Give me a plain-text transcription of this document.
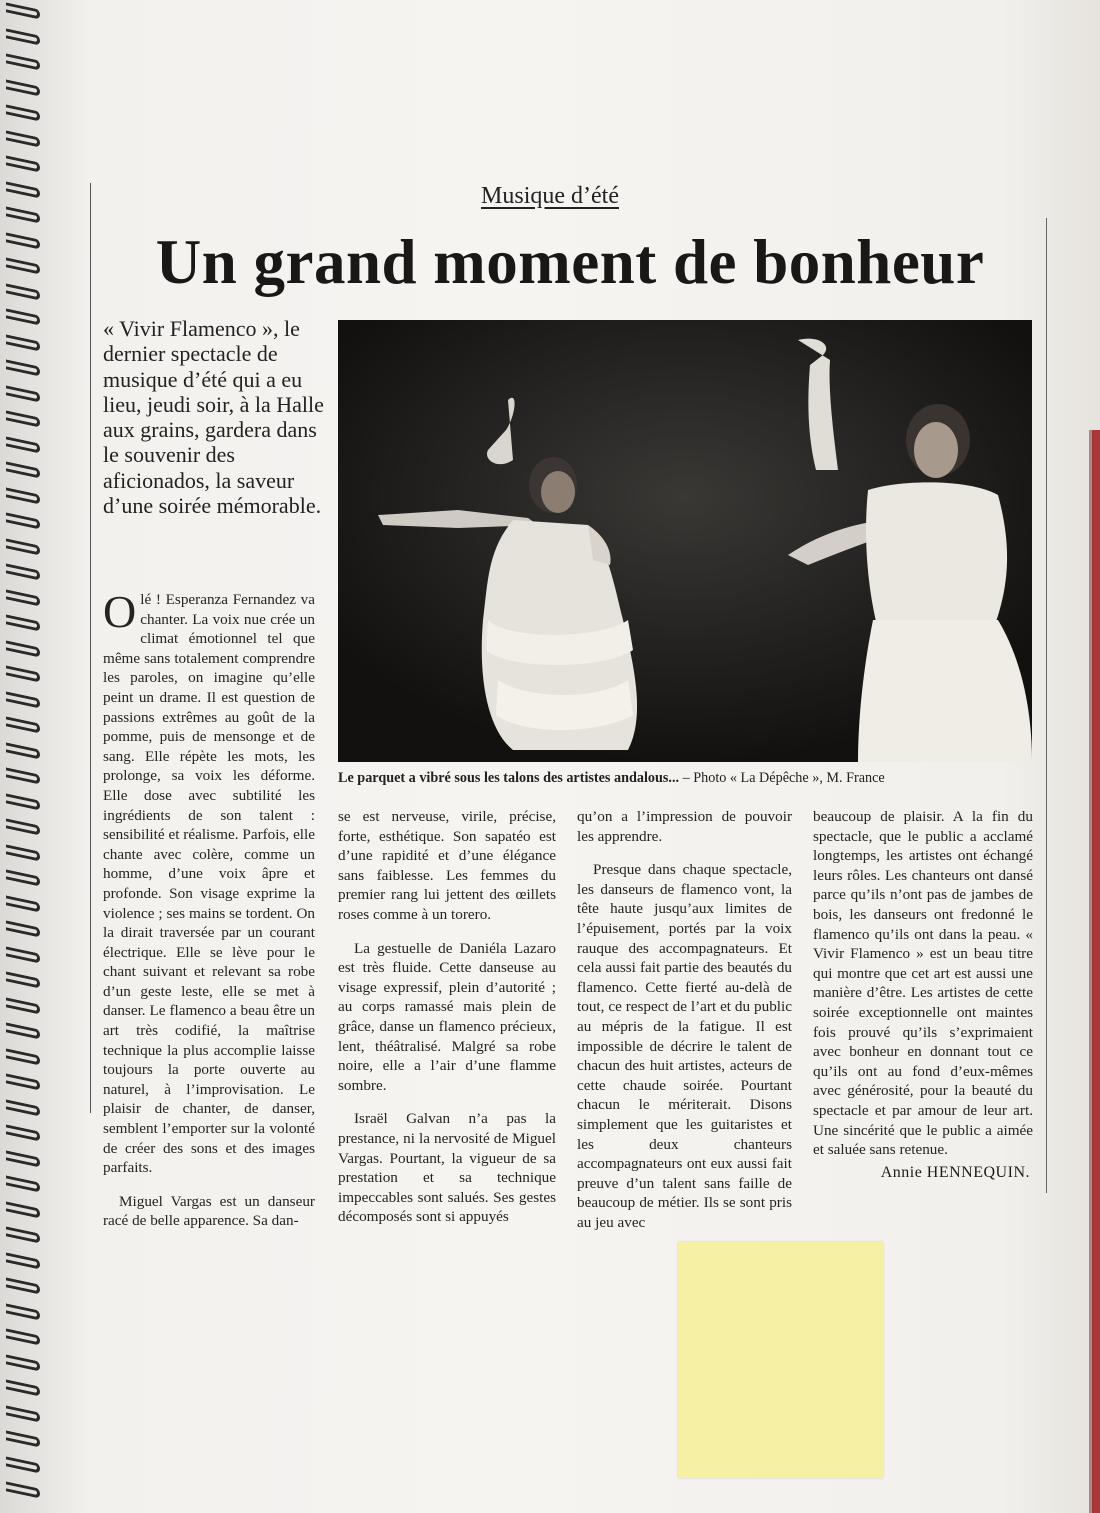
Musique d’été
Un grand moment de bonheur

« Vivir Flamenco », le dernier spectacle de musique d’été qui a eu lieu, jeudi soir, à la Halle aux grains, gardera dans le souvenir des aficionados, la saveur d’une soirée mémorable.

Le parquet a vibré sous les talons des artistes andalous... – Photo « La Dépêche », M. France

Olé ! Esperanza Fernandez va chanter. La voix nue crée un climat émotionnel tel que même sans totalement comprendre les paroles, on imagine qu’elle peint un drame. Il est question de passions extrêmes au goût de la pomme, puis de mensonge et de sang. Elle répète les mots, les prolonge, sa voix les déforme. Elle dose avec subtilité les ingrédients de son talent : sensibilité et réalisme. Parfois, elle chante avec colère, comme un homme, d’une voix âpre et profonde. Son visage exprime la violence ; ses mains se tordent. On la dirait traversée par un courant électrique. Elle se lève pour le chant suivant et relevant sa robe d’un geste leste, elle se met à danser. Le flamenco a beau être un art très codifié, la maîtrise technique la plus accomplie laisse toujours la porte ouverte au naturel, à l’improvisation. Le plaisir de chanter, de danser, semblent l’emporter sur la volonté de créer des sons et des images parfaits.

Miguel Vargas est un danseur racé de belle apparence. Sa dan-

se est nerveuse, virile, précise, forte, esthétique. Son sapatéo est d’une rapidité et d’une élégance sans faiblesse. Les femmes du premier rang lui jettent des œillets roses comme à un torero.

La gestuelle de Daniéla Lazaro est très fluide. Cette danseuse au visage expressif, plein d’autorité ; au corps ramassé mais plein de grâce, danse un flamenco précieux, lent, théâtralisé. Malgré sa robe noire, elle a l’air d’une flamme sombre.

Israël Galvan n’a pas la prestance, ni la nervosité de Miguel Vargas. Pourtant, la vigueur de sa prestation et sa technique impeccables sont salués. Ses gestes décomposés sont si appuyés

qu’on a l’impression de pouvoir les apprendre.

Presque dans chaque spectacle, les danseurs de flamenco vont, la tête haute jusqu’aux limites de l’épuisement, portés par la voix rauque des accompagnateurs. Et cela aussi fait partie des beautés du flamenco. Cette fierté au-delà de tout, ce respect de l’art et du public au mépris de la fatigue. Il est impossible de décrire le talent de chacun des huit artistes, acteurs de cette chaude soirée. Pourtant chacun le mériterait. Disons simplement que les guitaristes et les deux chanteurs accompagnateurs ont eux aussi fait preuve d’un talent sans faille de beaucoup de métier. Ils se sont pris au jeu avec

beaucoup de plaisir. A la fin du spectacle, que le public a acclamé longtemps, les artistes ont échangé leurs rôles. Les chanteurs ont dansé parce qu’ils n’ont pas de jambes de bois, les danseurs ont fredonné le flamenco qu’ils ont dans la peau. « Vivir Flamenco » est un beau titre qui montre que cet art est aussi une manière d’être. Les artistes de cette soirée exceptionnelle ont maintes fois prouvé qu’ils s’exprimaient avec bonheur en donnant tout ce qu’ils ont au fond d’eux-mêmes avec générosité, pour la beauté du spectacle et par amour de leur art. Une sincérité que le public a aimée et saluée sans retenue.

Annie HENNEQUIN.
